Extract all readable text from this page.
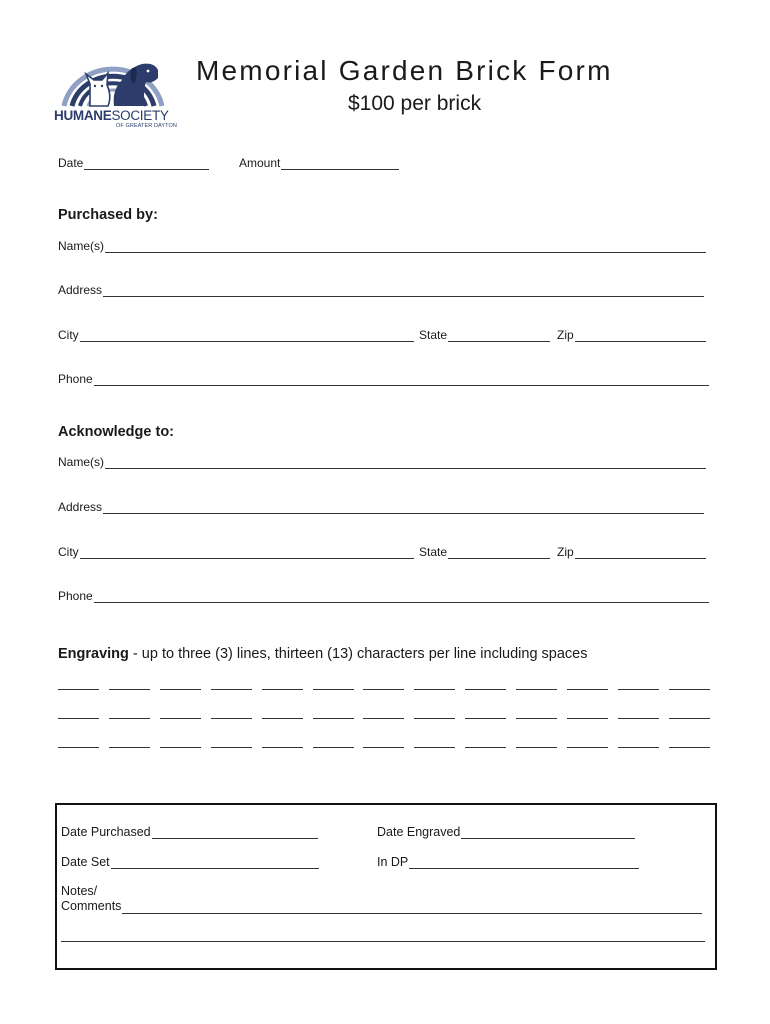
HUMANESOCIETY
OF GREATER DAYTON
Memorial Garden Brick Form
$100 per brick
Date	Amount
Purchased by:
Name(s)
Address
City	State	Zip
Phone
Acknowledge to:
Name(s)
Address
City	State	Zip
Phone
Engraving - up to three (3) lines, thirteen (13) characters per line including spaces
Date Purchased	Date Engraved
Date Set	In DP
Notes/
Comments
